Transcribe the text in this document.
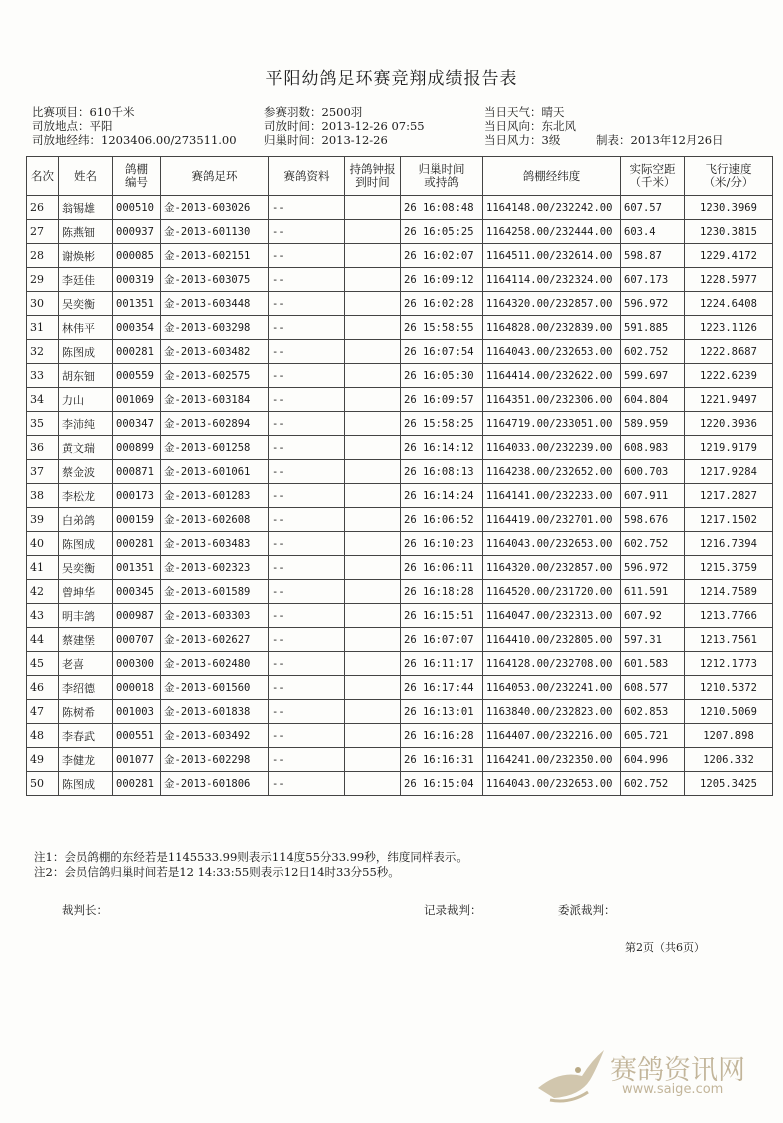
平阳幼鸽足环赛竞翔成绩报告表
比赛项目：610千米
司放地点：平阳
司放地经纬：1203406.00/273511.00
参赛羽数：2500羽
司放时间：2013-12-26 07:55
归巢时间：2013-12-26
当日天气：晴天
当日风向：东北风
当日风力：3级	制表：2013年12月26日
名次	姓名	鸽棚编号	赛鸽足环	赛鸽资料	持鸽钟报到时间	归巢时间或持鸽	鸽棚经纬度	实际空距（千米）	飞行速度（米/分）
26	翁锡雄	000510	金-2013-603026	--		26 16:08:48	1164148.00/232242.00	607.57	1230.3969
27	陈燕钿	000937	金-2013-601130	--		26 16:05:25	1164258.00/232444.00	603.4	1230.3815
28	谢焕彬	000085	金-2013-602151	--		26 16:02:07	1164511.00/232614.00	598.87	1229.4172
29	李廷佳	000319	金-2013-603075	--		26 16:09:12	1164114.00/232324.00	607.173	1228.5977
30	吴奕衡	001351	金-2013-603448	--		26 16:02:28	1164320.00/232857.00	596.972	1224.6408
31	林伟平	000354	金-2013-603298	--		26 15:58:55	1164828.00/232839.00	591.885	1223.1126
32	陈图成	000281	金-2013-603482	--		26 16:07:54	1164043.00/232653.00	602.752	1222.8687
33	胡东钿	000559	金-2013-602575	--		26 16:05:30	1164414.00/232622.00	599.697	1222.6239
34	力山	001069	金-2013-603184	--		26 16:09:57	1164351.00/232306.00	604.804	1221.9497
35	李沛纯	000347	金-2013-602894	--		26 15:58:25	1164719.00/233051.00	589.959	1220.3936
36	黄文瑞	000899	金-2013-601258	--		26 16:14:12	1164033.00/232239.00	608.983	1219.9179
37	蔡金波	000871	金-2013-601061	--		26 16:08:13	1164238.00/232652.00	600.703	1217.9284
38	李松龙	000173	金-2013-601283	--		26 16:14:24	1164141.00/232233.00	607.911	1217.2827
39	白弟鸽	000159	金-2013-602608	--		26 16:06:52	1164419.00/232701.00	598.676	1217.1502
40	陈图成	000281	金-2013-603483	--		26 16:10:23	1164043.00/232653.00	602.752	1216.7394
41	吴奕衡	001351	金-2013-602323	--		26 16:06:11	1164320.00/232857.00	596.972	1215.3759
42	曾坤华	000345	金-2013-601589	--		26 16:18:28	1164520.00/231720.00	611.591	1214.7589
43	明丰鸽	000987	金-2013-603303	--		26 16:15:51	1164047.00/232313.00	607.92	1213.7766
44	蔡建堡	000707	金-2013-602627	--		26 16:07:07	1164410.00/232805.00	597.31	1213.7561
45	老喜	000300	金-2013-602480	--		26 16:11:17	1164128.00/232708.00	601.583	1212.1773
46	李绍德	000018	金-2013-601560	--		26 16:17:44	1164053.00/232241.00	608.577	1210.5372
47	陈树希	001003	金-2013-601838	--		26 16:13:01	1163840.00/232823.00	602.853	1210.5069
48	李春武	000551	金-2013-603492	--		26 16:16:28	1164407.00/232216.00	605.721	1207.898
49	李健龙	001077	金-2013-602298	--		26 16:16:31	1164241.00/232350.00	604.996	1206.332
50	陈图成	000281	金-2013-601806	--		26 16:15:04	1164043.00/232653.00	602.752	1205.3425
注1：会员鸽棚的东经若是1145533.99则表示114度55分33.99秒，纬度同样表示。
注2：会员信鸽归巢时间若是12 14:33:55则表示12日14时33分55秒。
裁判长：	记录裁判：	委派裁判：
第2页（共6页）
赛鸽资讯网
www.saige.com
